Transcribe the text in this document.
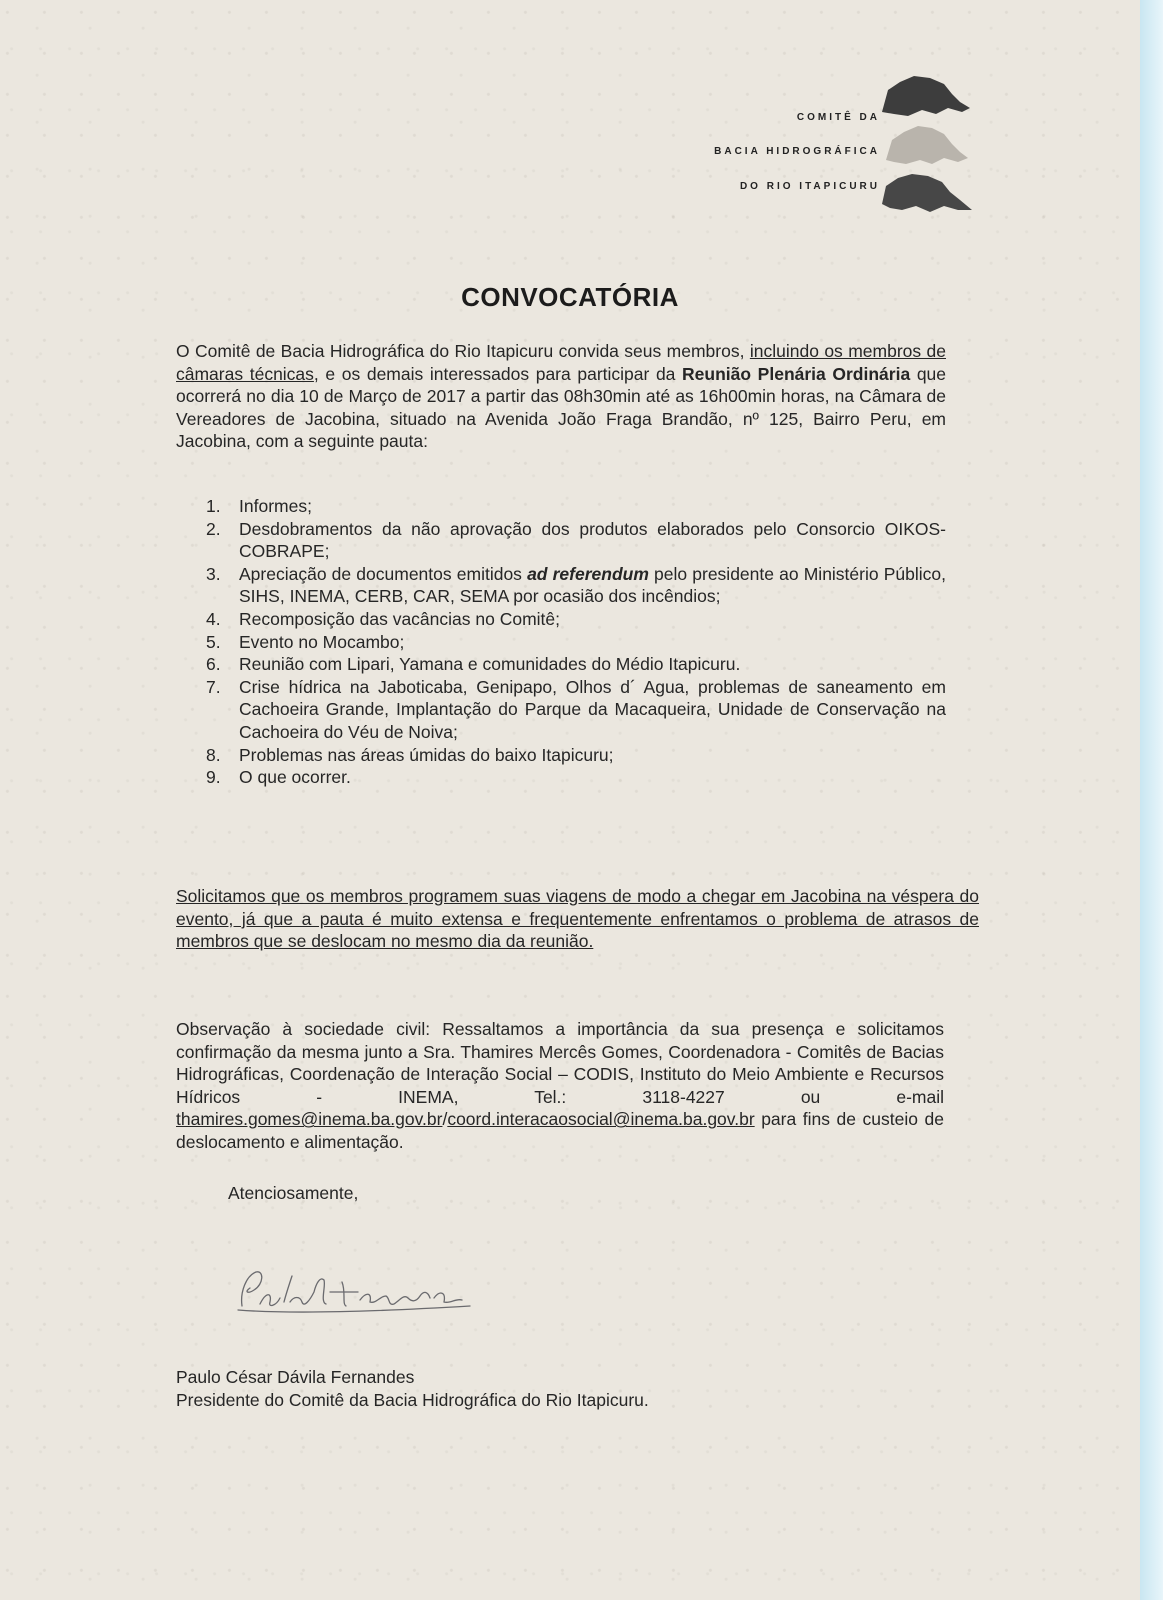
COMITÊ DA
BACIA HIDROGRÁFICA
DO RIO ITAPICURU
CONVOCATÓRIA
O Comitê de Bacia Hidrográfica do Rio Itapicuru convida seus membros, incluindo os membros de câmaras técnicas, e os demais interessados para participar da Reunião Plenária Ordinária que ocorrerá no dia 10 de Março de 2017 a partir das 08h30min até as 16h00min horas, na Câmara de Vereadores de Jacobina, situado na Avenida João Fraga Brandão, nº 125, Bairro Peru, em Jacobina, com a seguinte pauta:
1. Informes;
2. Desdobramentos da não aprovação dos produtos elaborados pelo Consorcio OIKOS-COBRAPE;
3. Apreciação de documentos emitidos ad referendum pelo presidente ao Ministério Público, SIHS, INEMA, CERB, CAR, SEMA por ocasião dos incêndios;
4. Recomposição das vacâncias no Comitê;
5. Evento no Mocambo;
6. Reunião com Lipari, Yamana e comunidades do Médio Itapicuru.
7. Crise hídrica na Jaboticaba, Genipapo, Olhos d´ Agua, problemas de saneamento em Cachoeira Grande, Implantação do Parque da Macaqueira, Unidade de Conservação na Cachoeira do Véu de Noiva;
8. Problemas nas áreas úmidas do baixo Itapicuru;
9. O que ocorrer.
Solicitamos que os membros programem suas viagens de modo a chegar em Jacobina na véspera do evento, já que a pauta é muito extensa e frequentemente enfrentamos o problema de atrasos de membros que se deslocam no mesmo dia da reunião.
Observação à sociedade civil: Ressaltamos a importância da sua presença e solicitamos confirmação da mesma junto a Sra. Thamires Mercês Gomes, Coordenadora - Comitês de Bacias Hidrográficas, Coordenação de Interação Social – CODIS, Instituto do Meio Ambiente e Recursos Hídricos - INEMA, Tel.: 3118-4227 ou e-mail thamires.gomes@inema.ba.gov.br/coord.interacaosocial@inema.ba.gov.br para fins de custeio de deslocamento e alimentação.
Atenciosamente,
Paulo César Dávila Fernandes
Presidente do Comitê da Bacia Hidrográfica do Rio Itapicuru.
